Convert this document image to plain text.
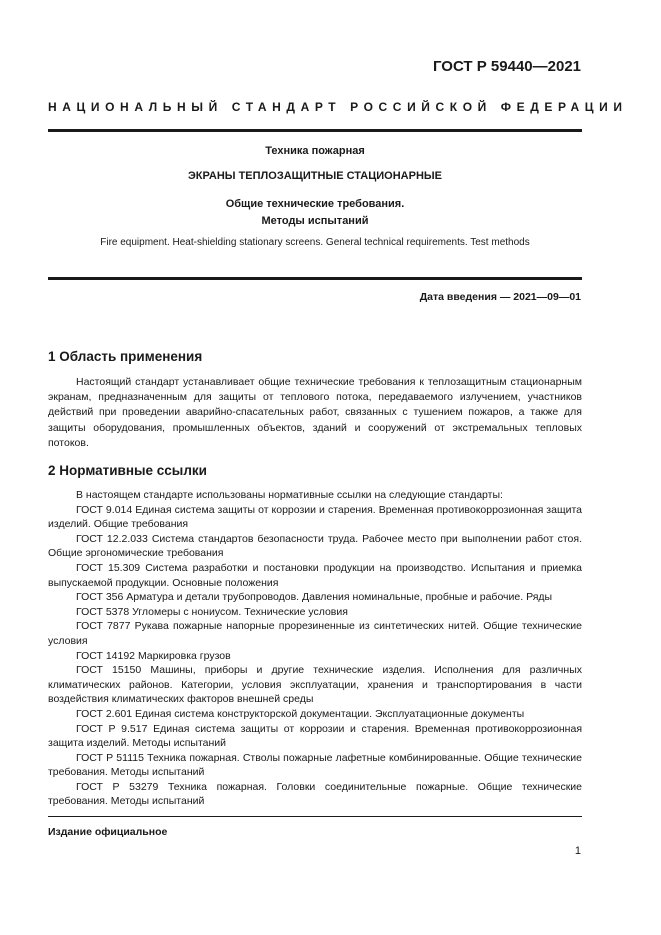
ГОСТ Р 59440—2021
НАЦИОНАЛЬНЫЙ СТАНДАРТ РОССИЙСКОЙ ФЕДЕРАЦИИ
Техника пожарная
ЭКРАНЫ ТЕПЛОЗАЩИТНЫЕ СТАЦИОНАРНЫЕ
Общие технические требования.
Методы испытаний
Fire equipment. Heat-shielding stationary screens. General technical requirements. Test methods
Дата введения — 2021—09—01
1 Область применения
Настоящий стандарт устанавливает общие технические требования к теплозащитным стационарным экранам, предназначенным для защиты от теплового потока, передаваемого излучением, участников действий при проведении аварийно-спасательных работ, связанных с тушением пожаров, а также для защиты оборудования, промышленных объектов, зданий и сооружений от экстремальных тепловых потоков.
2 Нормативные ссылки

В настоящем стандарте использованы нормативные ссылки на следующие стандарты:

ГОСТ 9.014 Единая система защиты от коррозии и старения. Временная противокоррозионная защита изделий. Общие требования

ГОСТ 12.2.033 Система стандартов безопасности труда. Рабочее место при выполнении работ стоя. Общие эргономические требования

ГОСТ 15.309 Система разработки и постановки продукции на производство. Испытания и приемка выпускаемой продукции. Основные положения

ГОСТ 356 Арматура и детали трубопроводов. Давления номинальные, пробные и рабочие. Ряды

ГОСТ 5378 Угломеры с нониусом. Технические условия

ГОСТ 7877 Рукава пожарные напорные прорезиненные из синтетических нитей. Общие технические условия

ГОСТ 14192 Маркировка грузов

ГОСТ 15150 Машины, приборы и другие технические изделия. Исполнения для различных климатических районов. Категории, условия эксплуатации, хранения и транспортирования в части воздействия климатических факторов внешней среды

ГОСТ 2.601 Единая система конструкторской документации. Эксплуатационные документы

ГОСТ Р 9.517 Единая система защиты от коррозии и старения. Временная противокоррозионная защита изделий. Методы испытаний

ГОСТ Р 51115 Техника пожарная. Стволы пожарные лафетные комбинированные. Общие технические требования. Методы испытаний

ГОСТ Р 53279 Техника пожарная. Головки соединительные пожарные. Общие технические требования. Методы испытаний

Издание официальное
1
